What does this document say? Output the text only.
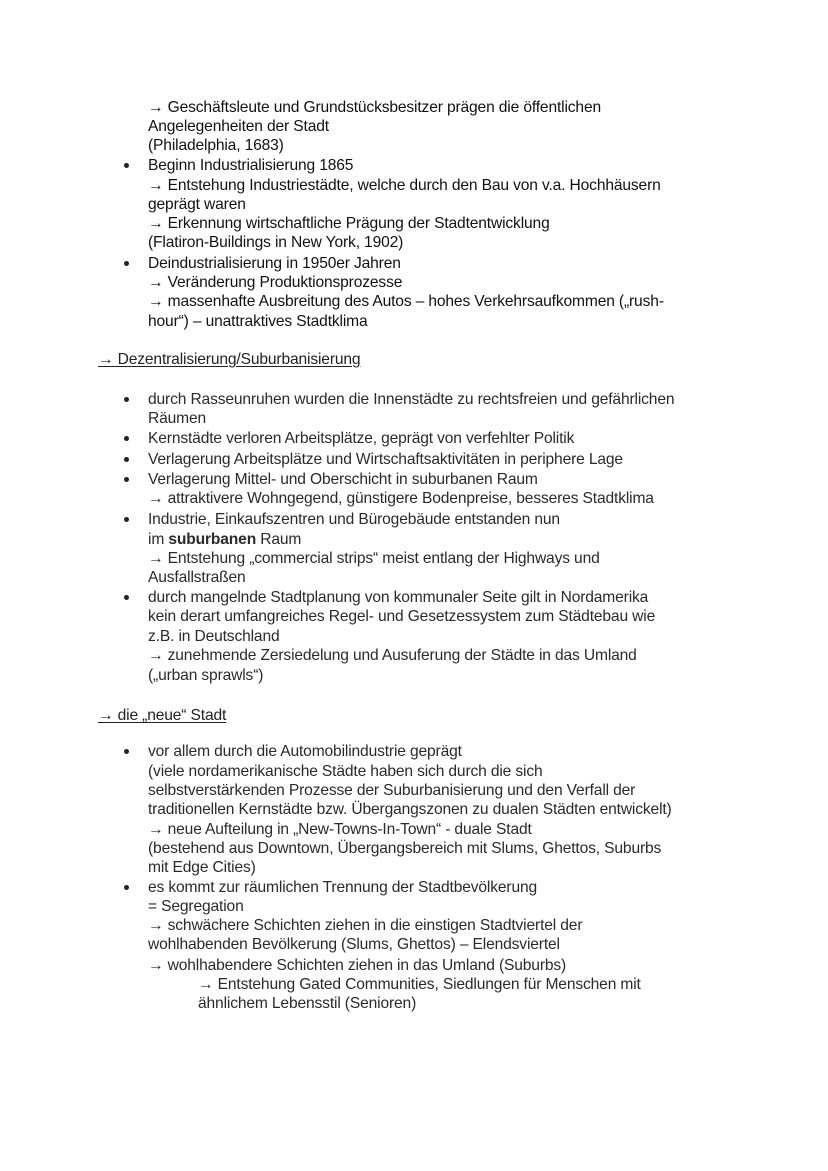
→ Dezentralisierung/Suburbanisierung
→ die „neue“ Stadt
→ Geschäftsleute und Grundstücksbesitzer prägen die öffentlichen
Angelegenheiten der Stadt
(Philadelphia, 1683)
Beginn Industrialisierung 1865
→ Entstehung Industriestädte, welche durch den Bau von v.a. Hochhäusern
geprägt waren
→ Erkennung wirtschaftliche Prägung der Stadtentwicklung
(Flatiron-Buildings in New York, 1902)
Deindustrialisierung in 1950er Jahren
→ Veränderung Produktionsprozesse
→ massenhafte Ausbreitung des Autos – hohes Verkehrsaufkommen („rush-
hour“) – unattraktives Stadtklima
durch Rasseunruhen wurden die Innenstädte zu rechtsfreien und gefährlichen
Räumen
Kernstädte verloren Arbeitsplätze, geprägt von verfehlter Politik
Verlagerung Arbeitsplätze und Wirtschaftsaktivitäten in periphere Lage
Verlagerung Mittel- und Oberschicht in suburbanen Raum
→ attraktivere Wohngegend, günstigere Bodenpreise, besseres Stadtklima
Industrie, Einkaufszentren und Bürogebäude entstanden nun
im suburbanen Raum
→ Entstehung „commercial strips“ meist entlang der Highways und
Ausfallstraßen
durch mangelnde Stadtplanung von kommunaler Seite gilt in Nordamerika
kein derart umfangreiches Regel- und Gesetzessystem zum Städtebau wie
z.B. in Deutschland
→ zunehmende Zersiedelung und Ausuferung der Städte in das Umland
(„urban sprawls“)
vor allem durch die Automobilindustrie geprägt
(viele nordamerikanische Städte haben sich durch die sich
selbstverstärkenden Prozesse der Suburbanisierung und den Verfall der
traditionellen Kernstädte bzw. Übergangszonen zu dualen Städten entwickelt)
→ neue Aufteilung in „New-Towns-In-Town“ - duale Stadt
(bestehend aus Downtown, Übergangsbereich mit Slums, Ghettos, Suburbs
mit Edge Cities)
es kommt zur räumlichen Trennung der Stadtbevölkerung
= Segregation
→ schwächere Schichten ziehen in die einstigen Stadtviertel der
wohlhabenden Bevölkerung (Slums, Ghettos) – Elendsviertel
→ wohlhabendere Schichten ziehen in das Umland (Suburbs)
→ Entstehung Gated Communities, Siedlungen für Menschen mit
ähnlichem Lebensstil (Senioren)
